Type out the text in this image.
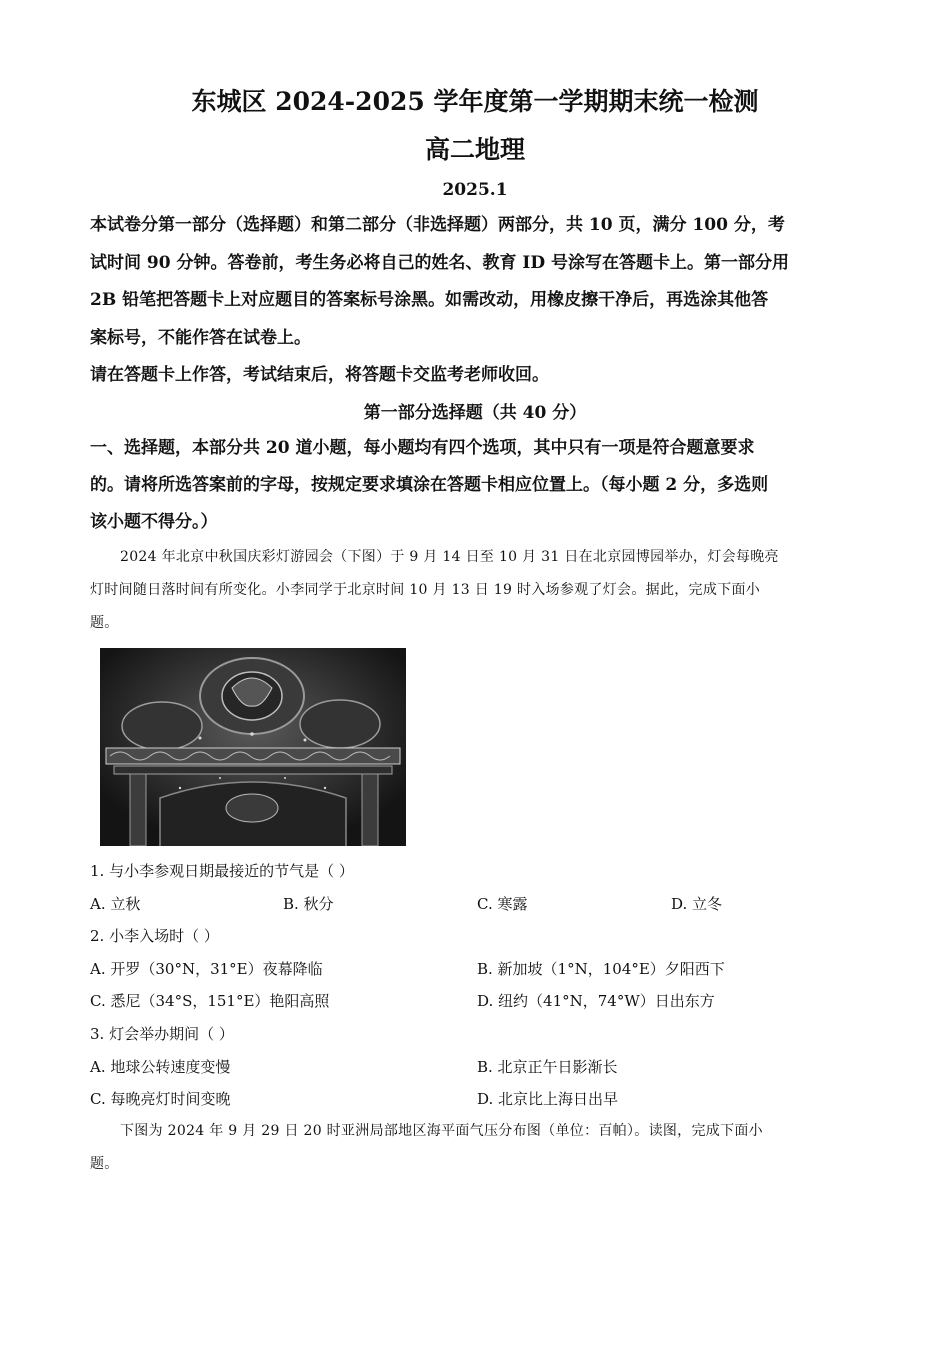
东城区 2024-2025 学年度第一学期期末统一检测
高二地理
2025.1

本试卷分第一部分（选择题）和第二部分（非选择题）两部分，共 10 页，满分 100 分，考

试时间 90 分钟。答卷前，考生务必将自己的姓名、教育 ID 号涂写在答题卡上。第一部分用

2B 铅笔把答题卡上对应题目的答案标号涂黑。如需改动，用橡皮擦干净后，再选涂其他答

案标号，不能作答在试卷上。

请在答题卡上作答，考试结束后，将答题卡交监考老师收回。

第一部分选择题（共 40 分）
一、选择题，本部分共 20 道小题，每小题均有四个选项，其中只有一项是符合题意要求
的。请将所选答案前的字母，按规定要求填涂在答题卡相应位置上。（每小题 2 分，多选则
该小题不得分。）
2024 年北京中秋国庆彩灯游园会（下图）于 9 月 14 日至 10 月 31 日在北京园博园举办，灯会每晚亮
灯时间随日落时间有所变化。小李同学于北京时间 10 月 13 日 19 时入场参观了灯会。据此，完成下面小
题。
1. 与小李参观日期最接近的节气是（ ）
A. 立秋	B. 秋分	C. 寒露	D. 立冬
2. 小李入场时（ ）
A. 开罗（30°N，31°E）夜幕降临	B. 新加坡（1°N，104°E）夕阳西下
C. 悉尼（34°S，151°E）艳阳高照	D. 纽约（41°N，74°W）日出东方
3. 灯会举办期间（ ）
A. 地球公转速度变慢	B. 北京正午日影渐长
C. 每晚亮灯时间变晚	D. 北京比上海日出早
下图为 2024 年 9 月 29 日 20 时亚洲局部地区海平面气压分布图（单位：百帕）。读图，完成下面小
题。
